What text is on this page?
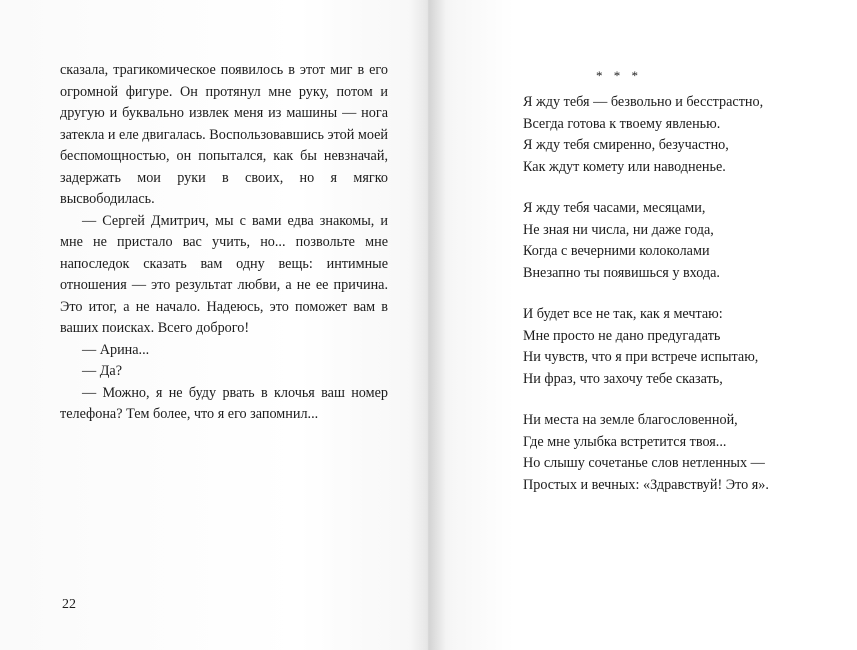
сказала, трагикомическое появилось в этот миг в его огромной фигуре. Он протянул мне руку, потом и другую и буквально извлек меня из машины — нога затекла и еле двигалась. Воспользовавшись этой моей беспомощностью, он попытался, как бы невзначай, задержать мои руки в своих, но я мягко высвободилась.

— Сергей Дмитрич, мы с вами едва знакомы, и мне не пристало вас учить, но... позвольте мне напоследок сказать вам одну вещь: интимные отношения — это результат любви, а не ее причина. Это итог, а не начало. Надеюсь, это поможет вам в ваших поисках. Всего доброго!

— Арина...

— Да?

— Можно, я не буду рвать в клочья ваш номер телефона? Тем более, что я его запомнил...

22
* * *
Я жду тебя — безвольно и бесстрастно,
Всегда готова к твоему явленью.
Я жду тебя смиренно, безучастно,
Как ждут комету или наводненье.
Я жду тебя часами, месяцами,
Не зная ни числа, ни даже года,
Когда с вечерними колоколами
Внезапно ты появишься у входа.
И будет все не так, как я мечтаю:
Мне просто не дано предугадать
Ни чувств, что я при встрече испытаю,
Ни фраз, что захочу тебе сказать,
Ни места на земле благословенной,
Где мне улыбка встретится твоя...
Но слышу сочетанье слов нетленных —
Простых и вечных: «Здравствуй! Это я».
